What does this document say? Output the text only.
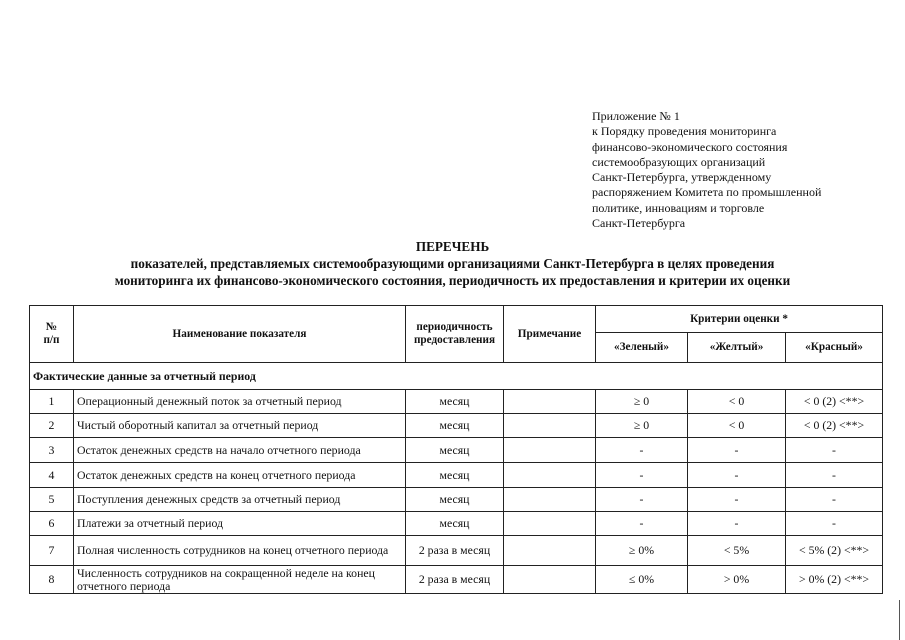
Приложение № 1
к Порядку проведения мониторинга
финансово-экономического состояния
системообразующих организаций
Санкт-Петербурга, утвержденному
распоряжением Комитета по промышленной
политике, инновациям и торговле
Санкт-Петербурга
ПЕРЕЧЕНЬ
показателей, представляемых системообразующими организациями Санкт-Петербурга в целях проведения
мониторинга их финансово-экономического состояния, периодичность их предоставления и критерии их оценки
№
п/п	Наименование показателя	периодичность предоставления	Примечание	Критерии оценки *		
				«Зеленый»	«Желтый»	«Красный»
Фактические данные за отчетный период						
1	Операционный денежный поток за отчетный период	месяц		≥ 0	< 0	< 0 (2) <**>
2	Чистый оборотный капитал за отчетный период	месяц		≥ 0	< 0	< 0 (2) <**>
3	Остаток денежных средств на начало отчетного периода	месяц		-	-	-
4	Остаток денежных средств на конец отчетного периода	месяц		-	-	-
5	Поступления денежных средств за отчетный период	месяц		-	-	-
6	Платежи за отчетный период	месяц		-	-	-
7	Полная численность сотрудников на конец отчетного периода	2 раза в месяц		≥ 0%	< 5%	< 5% (2) <**>
8	Численность сотрудников на сокращенной неделе на конец отчетного периода	2 раза в месяц		≤ 0%	> 0%	> 0% (2) <**>
